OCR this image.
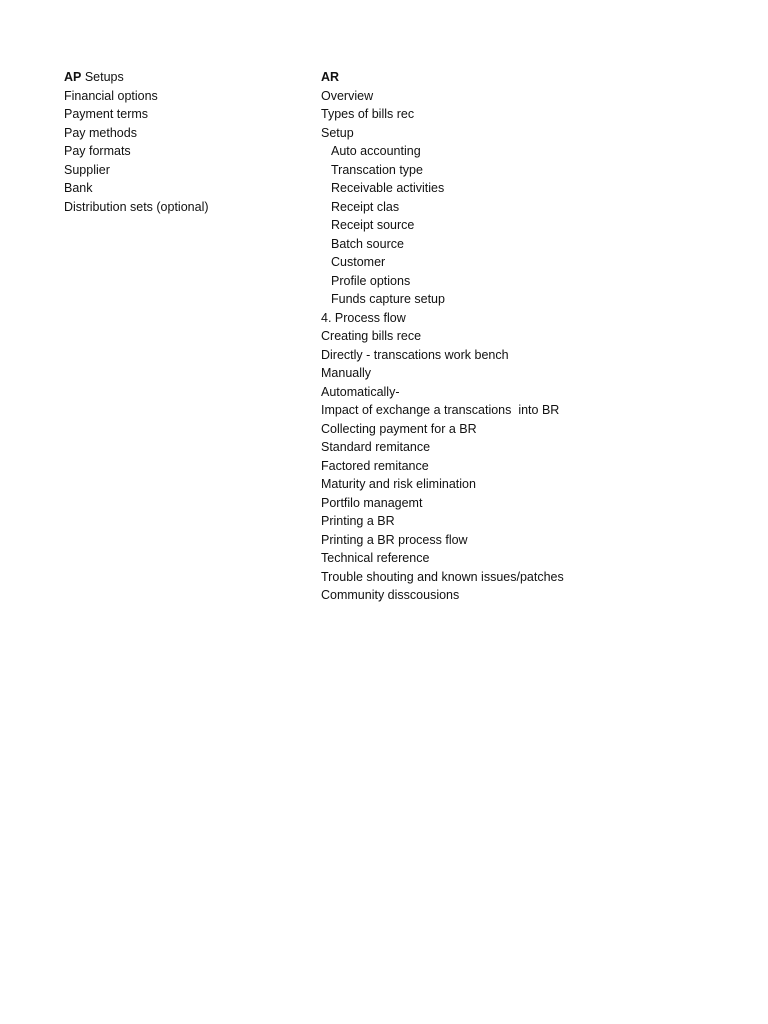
AP Setups
Financial options
Payment terms
Pay methods
Pay formats
Supplier
Bank
Distribution sets (optional)
AR
Overview
Types of bills rec
Setup
Auto accounting
Transcation type
Receivable activities
Receipt clas
Receipt source
Batch source
Customer
Profile options
Funds capture setup
4. Process flow
Creating bills rece
Directly - transcations work bench
Manually
Automatically-
Impact of exchange a transcations  into BR
Collecting payment for a BR
Standard remitance
Factored remitance
Maturity and risk elimination
Portfilo managemt
Printing a BR
Printing a BR process flow
Technical reference
Trouble shouting and known issues/patches
Community disscousions
